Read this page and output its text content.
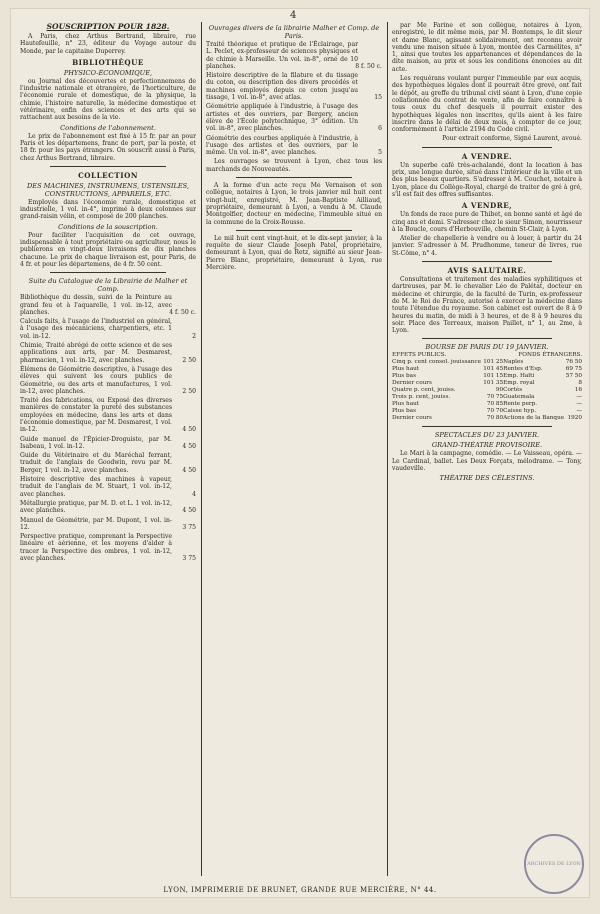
4
SOUSCRIPTION POUR 1828.

A Paris, chez Arthus Bertrand, libraire, rue Hautefeuille, n° 23, éditeur du Voyage autour du Monde, par le capitaine Duperrey.

BIBLIOTHÈQUE
PHYSICO-ÉCONOMIQUE,

ou Journal des découvertes et perfectionnemens de l'industrie nationale et étrangère, de l'horticulture, de l'économie rurale et domestique, de la physique, la chimie, l'histoire naturelle, la médecine domestique et vétérinaire, enfin des sciences et des arts qui se rattachent aux besoins de la vie.

Conditions de l'abonnement.

Le prix de l'abonnement est fixé à 15 fr. par an pour Paris et les départemens, franc de port, par la poste, et 18 fr. pour les pays étrangers. On souscrit aussi à Paris, chez Arthus Bertrand, libraire.

COLLECTION
DES MACHINES, INSTRUMENS, USTENSILES, CONSTRUCTIONS, APPAREILS, ETC.

Employés dans l'économie rurale, domestique et industrielle, 1 vol. in-4°, imprimé à deux colonnes sur grand-raisin vélin, et composé de 200 planches.

Conditions de la souscription.

Pour faciliter l'acquisition de cet ouvrage, indispensable à tout propriétaire ou agriculteur, nous le publierons en vingt-deux livraisons de dix planches chacune. Le prix de chaque livraison est, pour Paris, de 4 fr. et pour les départemens, de 4 fr. 50 cent.

Suite du Catalogue de la Librairie de Malher et Comp.
Bibliothèque du dessin, suivi de la Peinture au grand feu et à l'aquarelle, 1 vol. in-12, avec planches.	4 f. 50 c.
Calculs faits, à l'usage de l'industriel en général, à l'usage des mécaniciens, charpentiers, etc. 1 vol. in-12.	2
Chimie, Traité abrégé de cette science et de ses applications aux arts, par M. Desmarest, pharmacien, 1 vol. in-12, avec planches.	2 50
Élémens de Géométrie descriptive, à l'usage des élèves qui suivent les cours publics de Géométrie, ou des arts et manufactures, 1 vol. in-12, avec planches.	2 50
Traité des fabrications, ou Exposé des diverses manières de constater la pureté des substances employées en médecine, dans les arts et dans l'économie domestique, par M. Desmarest, 1 vol. in-12.	4 50
Guide manuel de l'Épicier-Droguiste, par M. Isabeau, 1 vol. in-12.	4 50
Guide du Vétérinaire et du Maréchal ferrant, traduit de l'anglais de Goodwin, revu par M. Berger, 1 vol. in-12, avec planches.	4 50
Histoire descriptive des machines à vapeur, traduit de l'anglais de M. Stuart, 1 vol. in-12, avec planches.	4
Métallurgie pratique, par M. D. et L. 1 vol. in-12, avec planches.	4 50
Manuel de Géométrie, par M. Dupont, 1 vol. in-12.	3 75
Perspective pratique, comprenant la Perspective linéaire et aérienne, et les moyens d'aider à tracer la Perspective des ombres, 1 vol. in-12, avec planches.	3 75
Ouvrages divers de la librairie Malher et Comp. de Paris.
Traité théorique et pratique de l'Éclairage, par L. Peclet, ex-professeur de sciences physiques et de chimie à Marseille. Un vol. in-8°, orné de 10 planches.	8 f. 50 c.
Histoire descriptive de la filature et du tissage du coton, ou description des divers procédés et machines employés depuis ce coton jusqu'au tissage, 1 vol. in-8°, avec atlas.	15
Géométrie appliquée à l'industrie, à l'usage des artistes et des ouvriers, par Bergery, ancien élève de l'École polytechnique, 3° édition. Un vol. in-8°, avec planches.	6
Géométrie des courbes appliquée à l'industrie, à l'usage des artistes et des ouvriers, par le même. Un vol. in-8°, avec planches.	5

Les ouvrages se trouvent à Lyon, chez tous les marchands de Nouveautés.

A la forme d'un acte reçu Me Vernaison et son collègue, notaires à Lyon, le trois janvier mil huit cent vingt-huit, enregistré, M. Jean-Baptiste Ailliaud, propriétaire, demeurant à Lyon, a vendu à M. Claude Montgolfier, docteur en médecine, l'immeuble situé en la commune de la Croix-Rousse.

Le mil huit cent vingt-huit, et le dix-sept janvier, à la requête de sieur Claude Joseph Patel, propriétaire, demeurant à Lyon, quai de Retz, signifié au sieur Jean-Pierre Blanc, propriétaire, demeurant à Lyon, rue Mercière.

par Me Farine et son collègue, notaires à Lyon, enregistré, le dit même mois, par M. Bontemps, le dit sieur et dame Blanc, agissant solidairement, ont reconnu avoir vendu une maison située à Lyon, montée des Carmélites, n° 1, ainsi que toutes les appartenances et dépendances de la dite maison, au prix et sous les conditions énoncées au dit acte.

Les requérans voulant purger l'immeuble par eux acquis, des hypothèques légales dont il pourrait être grevé, ont fait le dépôt, au greffe du tribunal civil séant à Lyon, d'une copie collationnée du contrat de vente, afin de faire connaître à tous ceux du chef desquels il pourrait exister des hypothèques légales non inscrites, qu'ils aient à les faire inscrire dans le délai de deux mois, à compter de ce jour, conformément à l'article 2194 du Code civil.

Pour extrait conforme, Signé Laurent, avoué.

A VENDRE.

Un superbe café très-achalandé, dont la location à bas prix, une longue durée, situé dans l'intérieur de la ville et un des plus beaux quartiers. S'adresser à M. Couchet, notaire à Lyon, place du Collège-Royal, chargé de traiter de gré à gré, s'il est fait des offres suffisantes.

A VENDRE,

Un fonds de race pure de Thibet, en bonne santé et âgé de cinq ans et demi. S'adresser chez le sieur Simon, nourrisseur à la Boucle, cours d'Herbouville, chemin St-Clair, à Lyon.

Atelier de chapellerie à vendre ou à louer, à partir du 24 janvier. S'adresser à M. Prudhomme, teneur de livres, rue St-Côme, n° 4.

AVIS SALUTAIRE.

Consultations et traitement des maladies syphilitiques et dartreuses, par M. le chevalier Léo de Palétat, docteur en médecine et chirurgie, de la faculté de Turin, ex-professeur de M. le Roi de France, autorisé à exercer la médecine dans toute l'étendue du royaume. Son cabinet est ouvert de 8 à 9 heures du matin, de midi à 3 heures, et de 8 à 9 heures du soir. Place des Terreaux, maison Paillet, n° 1, au 2me, à Lyon.

BOURSE DE PARIS DU 19 JANVIER.
EFFETS PUBLICS.		FONDS ÉTRANGERS.	
Cinq p. cent consol. jouissance	101 25	Naples	76 50
Plus haut	101 45	Rentes d'Esp.	69 75
Plus bas	101 15	Emp. Haïti	57 50
Dernier cours	101 35	Emp. royal	8
Quatre p. cent, jouiss.	90	Cortès	16
Trois p. cent, jouiss.	70 75	Guatemala	—
Plus haut	70 85	Rente perp.	—
Plus bas	70 70	Caisse hyp.	—
Dernier cours	70 80	Actions de la Banque	1920
SPECTACLES DU 23 JANVIER.
GRAND-THÉATRE PROVISOIRE.

Le Mari à la campagne, comédie. — Le Vaisseau, opéra. — Le Cardinal, ballet. Les Deux Forçats, mélodrame. — Tony, vaudeville.

THÉATRE DES CÉLESTINS.
LYON, IMPRIMERIE DE BRUNET, GRANDE RUE MERCIÈRE, N° 44.
ARCHIVES DE LYON
